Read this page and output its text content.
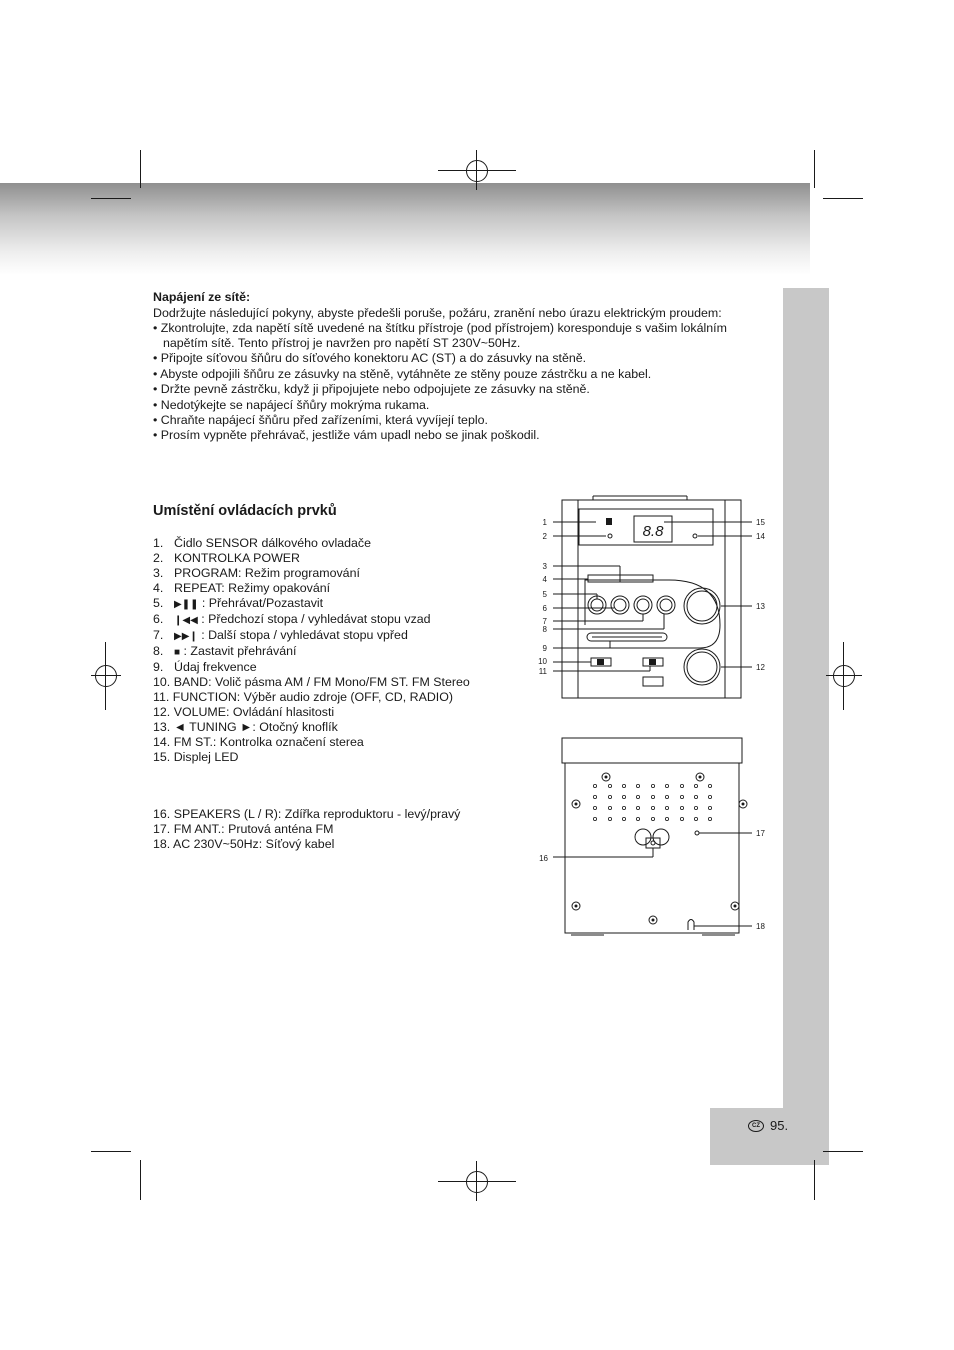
Napájení ze sítě:
Dodržujte následující pokyny, abyste předešli poruše, požáru, zranění nebo úrazu elektrickým proudem:
• Zkontrolujte, zda napětí sítě uvedené na štítku přístroje (pod přístrojem) koresponduje s vašim lokálním
napětím sítě. Tento přístroj je navržen pro napětí ST 230V~50Hz.
• Připojte síťovou šňůru do síťového konektoru AC (ST) a do zásuvky na stěně.
• Abyste odpojili šňůru ze zásuvky na stěně, vytáhněte ze stěny pouze zástrčku a ne kabel.
• Držte pevně zástrčku, když ji připojujete nebo odpojujete ze zásuvky na stěně.
• Nedotýkejte se napájecí šňůry mokrýma rukama.
• Chraňte napájecí šňůru před zařízeními, která vyvíjejí teplo.
• Prosím vypněte přehrávač, jestliže vám upadl nebo se jinak poškodil.
Umístění ovládacích prvků
1. Čidlo SENSOR dálkového ovladače
2. KONTROLKA POWER
3. PROGRAM: Režim programování
4. REPEAT: Režimy opakování
5. ▶❚❚ : Přehrávat/Pozastavit
6. ❙◀◀ : Předchozí stopa / vyhledávat stopu vzad
7. ▶▶❙ : Další stopa / vyhledávat stopu vpřed
8. ■ : Zastavit přehrávání
9. Údaj frekvence
10. BAND: Volič pásma AM / FM Mono/FM ST. FM Stereo
11. FUNCTION: Výběr audio zdroje (OFF, CD, RADIO)
12. VOLUME: Ovládání hlasitosti
13. ◄ TUNING ►: Otočný knoflík
14. FM ST.: Kontrolka označení sterea
15. Displej LED
16. SPEAKERS (L / R): Zdířka reproduktoru - levý/pravý
17. FM ANT.: Prutová anténa FM
18. AC 230V~50Hz: Síťový kabel
8.8
1
2
3
4
5
6
7
8
9
10
11
15
14
13
12
16
17
18
CZ 95.
